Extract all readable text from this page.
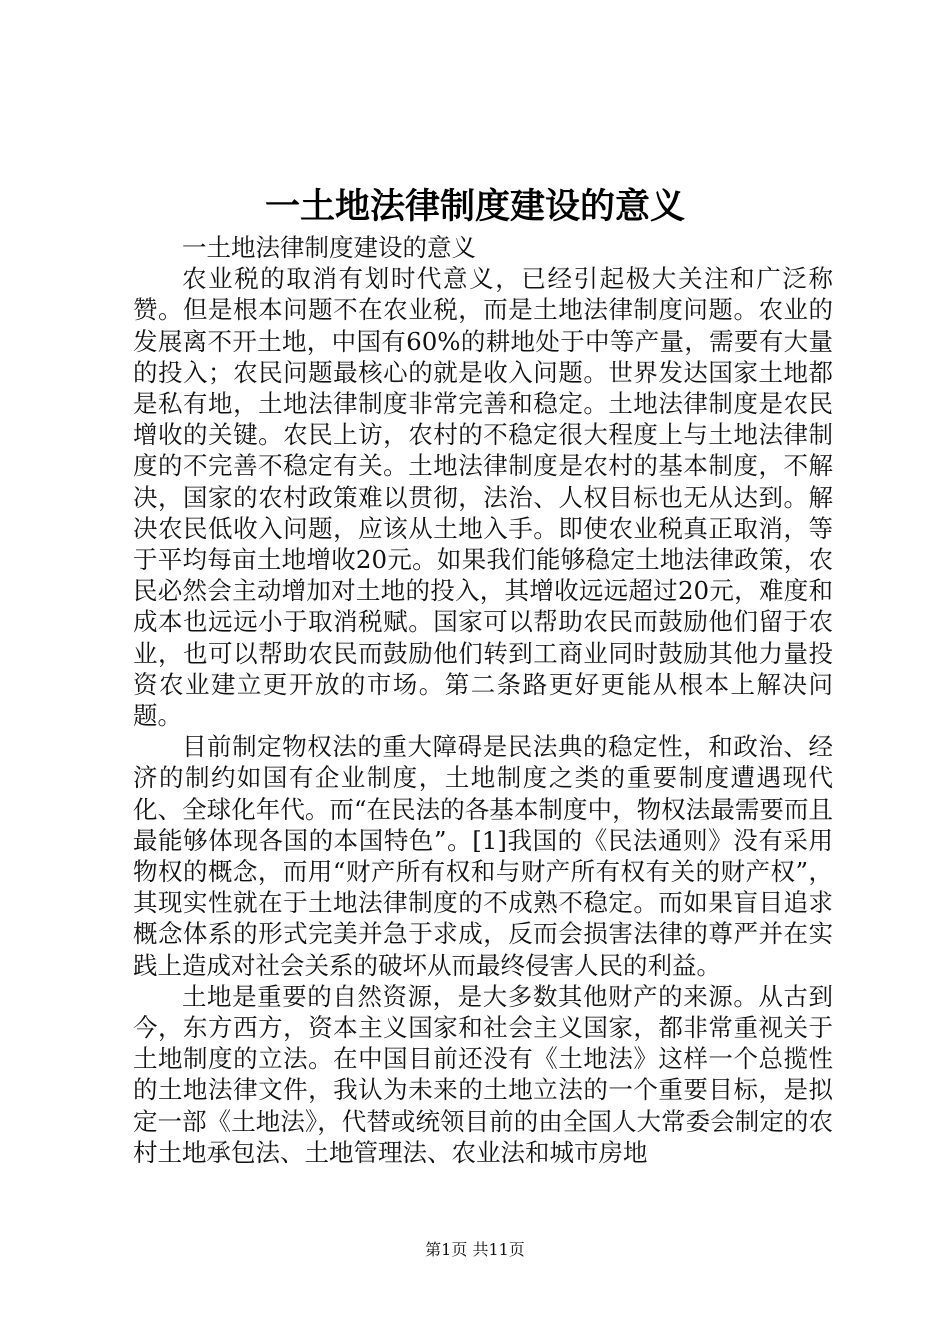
一土地法律制度建设的意义

一土地法律制度建设的意义

农业税的取消有划时代意义，已经引起极大关注和广泛称赞。但是根本问题不在农业税，而是土地法律制度问题。农业的发展离不开土地，中国有60%的耕地处于中等产量，需要有大量的投入；农民问题最核心的就是收入问题。世界发达国家土地都是私有地，土地法律制度非常完善和稳定。土地法律制度是农民增收的关键。农民上访，农村的不稳定很大程度上与土地法律制度的不完善不稳定有关。土地法律制度是农村的基本制度，不解决，国家的农村政策难以贯彻，法治、人权目标也无从达到。解决农民低收入问题，应该从土地入手。即使农业税真正取消，等于平均每亩土地增收20元。如果我们能够稳定土地法律政策，农民必然会主动增加对土地的投入，其增收远远超过20元，难度和成本也远远小于取消税赋。国家可以帮助农民而鼓励他们留于农业，也可以帮助农民而鼓励他们转到工商业同时鼓励其他力量投资农业建立更开放的市场。第二条路更好更能从根本上解决问题。

目前制定物权法的重大障碍是民法典的稳定性，和政治、经济的制约如国有企业制度，土地制度之类的重要制度遭遇现代化、全球化年代。而“在民法的各基本制度中，物权法最需要而且最能够体现各国的本国特色”。[1]我国的《民法通则》没有采用物权的概念，而用“财产所有权和与财产所有权有关的财产权”，其现实性就在于土地法律制度的不成熟不稳定。而如果盲目追求概念体系的形式完美并急于求成，反而会损害法律的尊严并在实践上造成对社会关系的破坏从而最终侵害人民的利益。

土地是重要的自然资源，是大多数其他财产的来源。从古到今，东方西方，资本主义国家和社会主义国家，都非常重视关于土地制度的立法。在中国目前还没有《土地法》这样一个总揽性的土地法律文件，我认为未来的土地立法的一个重要目标，是拟定一部《土地法》，代替或统领目前的由全国人大常委会制定的农村土地承包法、土地管理法、农业法和城市房地

第1页 共11页
